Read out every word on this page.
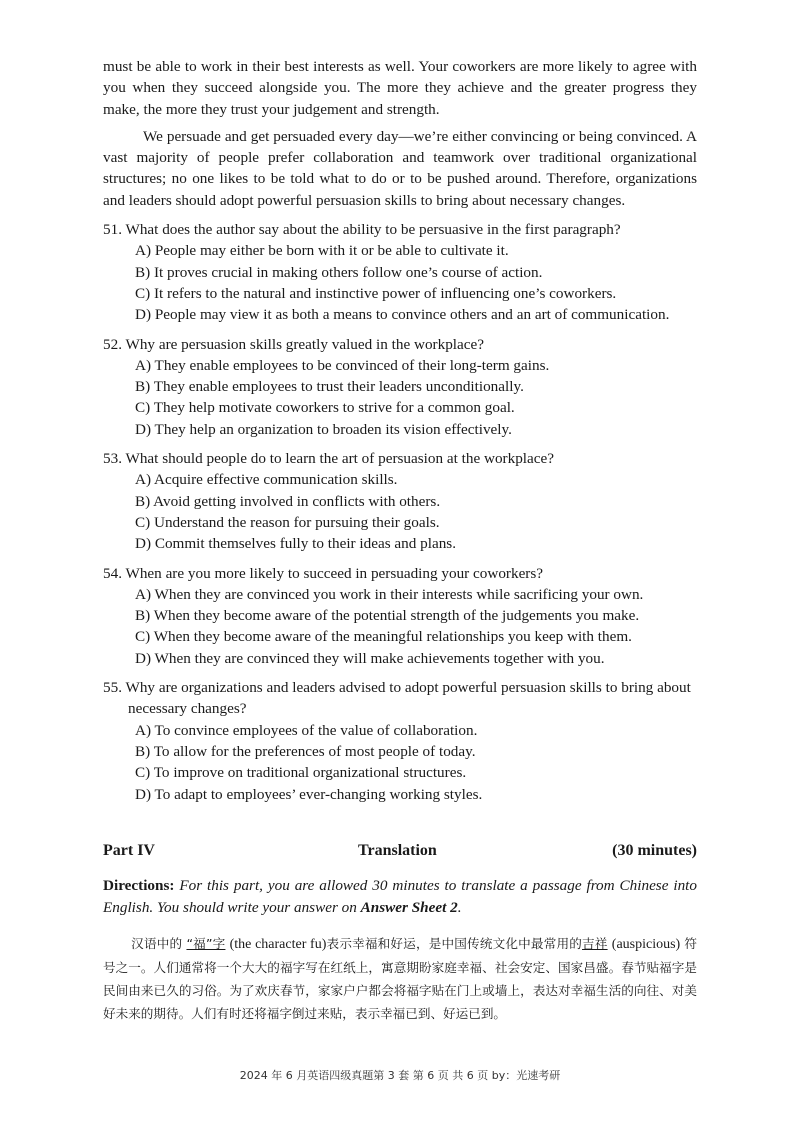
must be able to work in their best interests as well. Your coworkers are more likely to agree with you when they succeed alongside you. The more they achieve and the greater progress they make, the more they trust your judgement and strength.

We persuade and get persuaded every day—we’re either convincing or being convinced. A vast majority of people prefer collaboration and teamwork over traditional organizational structures; no one likes to be told what to do or to be pushed around. Therefore, organizations and leaders should adopt powerful persuasion skills to bring about necessary changes.

51. What does the author say about the ability to be persuasive in the first paragraph?

A) People may either be born with it or be able to cultivate it.

B) It proves crucial in making others follow one’s course of action.

C) It refers to the natural and instinctive power of influencing one’s coworkers.

D) People may view it as both a means to convince others and an art of communication.

52. Why are persuasion skills greatly valued in the workplace?

A) They enable employees to be convinced of their long-term gains.

B) They enable employees to trust their leaders unconditionally.

C) They help motivate coworkers to strive for a common goal.

D) They help an organization to broaden its vision effectively.

53. What should people do to learn the art of persuasion at the workplace?

A) Acquire effective communication skills.

B) Avoid getting involved in conflicts with others.

C) Understand the reason for pursuing their goals.

D) Commit themselves fully to their ideas and plans.

54. When are you more likely to succeed in persuading your coworkers?

A) When they are convinced you work in their interests while sacrificing your own.

B) When they become aware of the potential strength of the judgements you make.

C) When they become aware of the meaningful relationships you keep with them.

D) When they are convinced they will make achievements together with you.

55. Why are organizations and leaders advised to adopt powerful persuasion skills to bring about necessary changes?

A) To convince employees of the value of collaboration.

B) To allow for the preferences of most people of today.

C) To improve on traditional organizational structures.

D) To adapt to employees’ ever-changing working styles.

Part IV	Translation	(30 minutes)
Directions: For this part, you are allowed 30 minutes to translate a passage from Chinese into English. You should write your answer on Answer Sheet 2.
汉语中的 “福”字 (the character fu)表示幸福和好运，是中国传统文化中最常用的吉祥 (auspicious) 符号之一。人们通常将一个大大的福字写在红纸上，寓意期盼家庭幸福、社会安定、国家昌盛。春节贴福字是民间由来已久的习俗。为了欢庆春节，家家户户都会将福字贴在门上或墙上，表达对幸福生活的向往、对美好未来的期待。人们有时还将福字倒过来贴，表示幸福已到、好运已到。
2024 年 6 月英语四级真题第 3 套 第 6 页 共 6 页 by：光速考研
